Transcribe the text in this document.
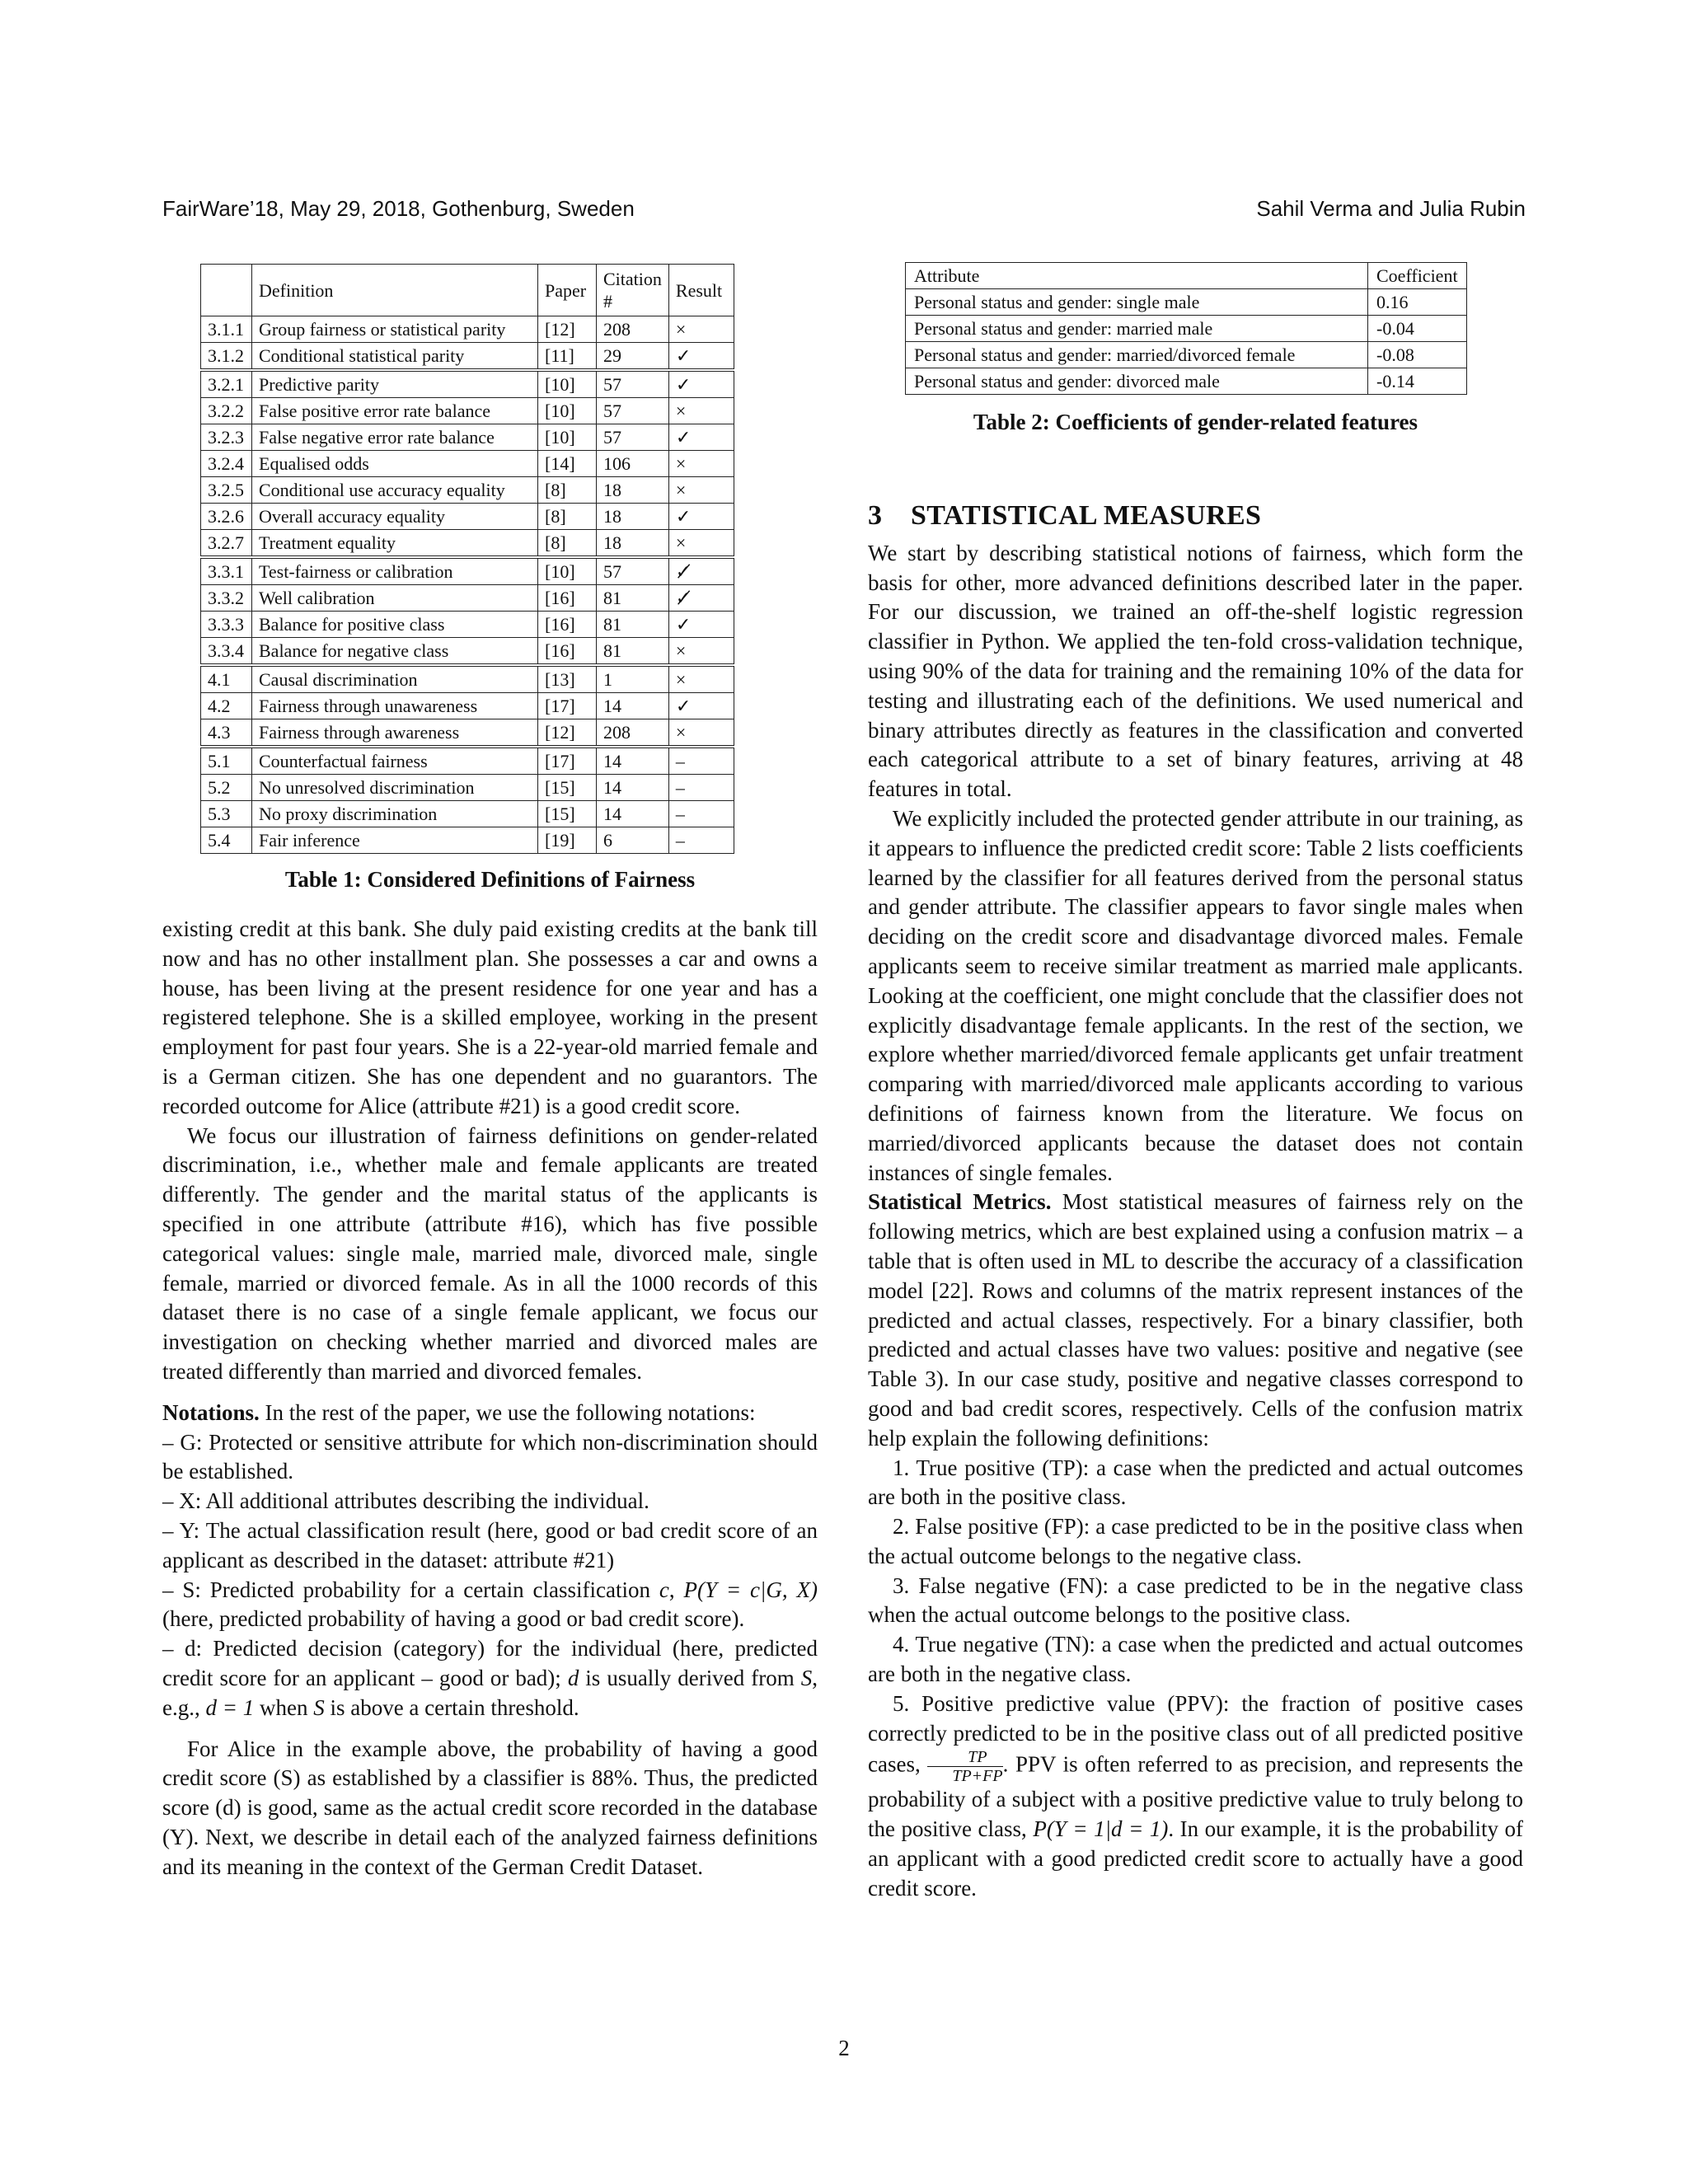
FairWare’18, May 29, 2018, Gothenburg, Sweden	Sahil Verma and Julia Rubin
	Definition	Paper	Citation #	Result
3.1.1	Group fairness or statistical parity	[12]	208	×
3.1.2	Conditional statistical parity	[11]	29	✓
3.2.1	Predictive parity	[10]	57	✓
3.2.2	False positive error rate balance	[10]	57	×
3.2.3	False negative error rate balance	[10]	57	✓
3.2.4	Equalised odds	[14]	106	×
3.2.5	Conditional use accuracy equality	[8]	18	×
3.2.6	Overall accuracy equality	[8]	18	✓
3.2.7	Treatment equality	[8]	18	×
3.3.1	Test-fairness or calibration	[10]	57	✓̸
3.3.2	Well calibration	[16]	81	✓̸
3.3.3	Balance for positive class	[16]	81	✓
3.3.4	Balance for negative class	[16]	81	×
4.1	Causal discrimination	[13]	1	×
4.2	Fairness through unawareness	[17]	14	✓
4.3	Fairness through awareness	[12]	208	×
5.1	Counterfactual fairness	[17]	14	–
5.2	No unresolved discrimination	[15]	14	–
5.3	No proxy discrimination	[15]	14	–
5.4	Fair inference	[19]	6	–
Table 1: Considered Definitions of Fairness
Attribute	Coefficient
Personal status and gender: single male	0.16
Personal status and gender: married male	-0.04
Personal status and gender: married/divorced female	-0.08
Personal status and gender: divorced male	-0.14
Table 2: Coefficients of gender-related features

existing credit at this bank. She duly paid existing credits at the bank till now and has no other installment plan. She possesses a car and owns a house, has been living at the present residence for one year and has a registered telephone. She is a skilled employee, working in the present employment for past four years. She is a 22-year-old married female and is a German citizen. She has one dependent and no guarantors. The recorded outcome for Alice (attribute #21) is a good credit score.

We focus our illustration of fairness definitions on gender-related discrimination, i.e., whether male and female applicants are treated differently. The gender and the marital status of the applicants is specified in one attribute (attribute #16), which has five possible categorical values: single male, married male, divorced male, single female, married or divorced female. As in all the 1000 records of this dataset there is no case of a single female applicant, we focus our investigation on checking whether married and divorced males are treated differently than married and divorced females.

Notations. In the rest of the paper, we use the following notations:

– G: Protected or sensitive attribute for which non-discrimination should be established.

– X: All additional attributes describing the individual.

– Y: The actual classification result (here, good or bad credit score of an applicant as described in the dataset: attribute #21)

– S: Predicted probability for a certain classification c, P(Y = c|G, X) (here, predicted probability of having a good or bad credit score).

– d: Predicted decision (category) for the individual (here, predicted credit score for an applicant – good or bad); d is usually derived from S, e.g., d = 1 when S is above a certain threshold.

For Alice in the example above, the probability of having a good credit score (S) as established by a classifier is 88%. Thus, the predicted score (d) is good, same as the actual credit score recorded in the database (Y). Next, we describe in detail each of the analyzed fairness definitions and its meaning in the context of the German Credit Dataset.

3 STATISTICAL MEASURES

We start by describing statistical notions of fairness, which form the basis for other, more advanced definitions described later in the paper. For our discussion, we trained an off-the-shelf logistic regression classifier in Python. We applied the ten-fold cross-validation technique, using 90% of the data for training and the remaining 10% of the data for testing and illustrating each of the definitions. We used numerical and binary attributes directly as features in the classification and converted each categorical attribute to a set of binary features, arriving at 48 features in total.

We explicitly included the protected gender attribute in our training, as it appears to influence the predicted credit score: Table 2 lists coefficients learned by the classifier for all features derived from the personal status and gender attribute. The classifier appears to favor single males when deciding on the credit score and disadvantage divorced males. Female applicants seem to receive similar treatment as married male applicants. Looking at the coefficient, one might conclude that the classifier does not explicitly disadvantage female applicants. In the rest of the section, we explore whether married/divorced female applicants get unfair treatment comparing with married/divorced male applicants according to various definitions of fairness known from the literature. We focus on married/divorced applicants because the dataset does not contain instances of single females.

Statistical Metrics. Most statistical measures of fairness rely on the following metrics, which are best explained using a confusion matrix – a table that is often used in ML to describe the accuracy of a classification model [22]. Rows and columns of the matrix represent instances of the predicted and actual classes, respectively. For a binary classifier, both predicted and actual classes have two values: positive and negative (see Table 3). In our case study, positive and negative classes correspond to good and bad credit scores, respectively. Cells of the confusion matrix help explain the following definitions:

1. True positive (TP): a case when the predicted and actual outcomes are both in the positive class.

2. False positive (FP): a case predicted to be in the positive class when the actual outcome belongs to the negative class.

3. False negative (FN): a case predicted to be in the negative class when the actual outcome belongs to the positive class.

4. True negative (TN): a case when the predicted and actual outcomes are both in the negative class.

5. Positive predictive value (PPV): the fraction of positive cases correctly predicted to be in the positive class out of all predicted positive cases, $\frac{TP}{TP+FP}$ . PPV is often referred to as precision, and represents the probability of a subject with a positive predictive value to truly belong to the positive class, P(Y = 1|d = 1). In our example, it is the probability of an applicant with a good predicted credit score to actually have a good credit score.

2
